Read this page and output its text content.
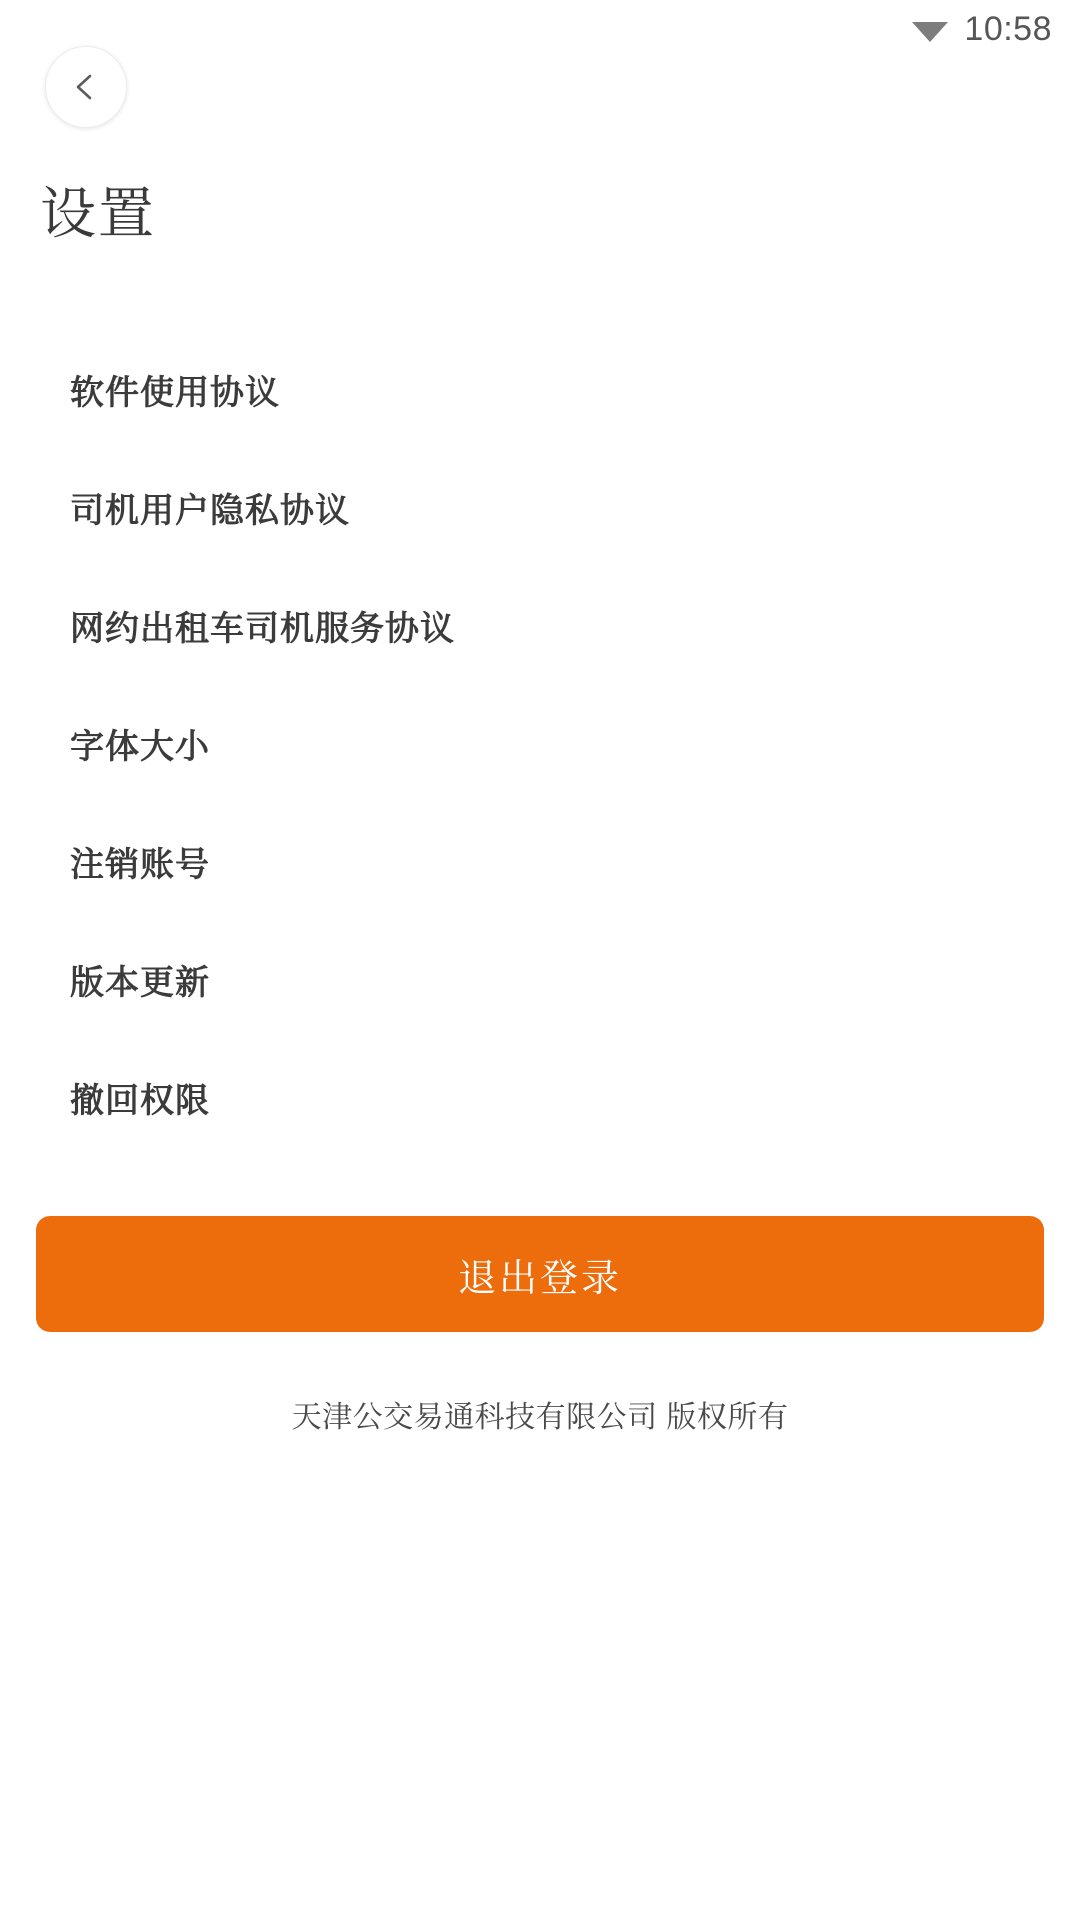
10:58
设置
软件使用协议
司机用户隐私协议
网约出租车司机服务协议
字体大小
注销账号
版本更新
撤回权限
退出登录
天津公交易通科技有限公司 版权所有
